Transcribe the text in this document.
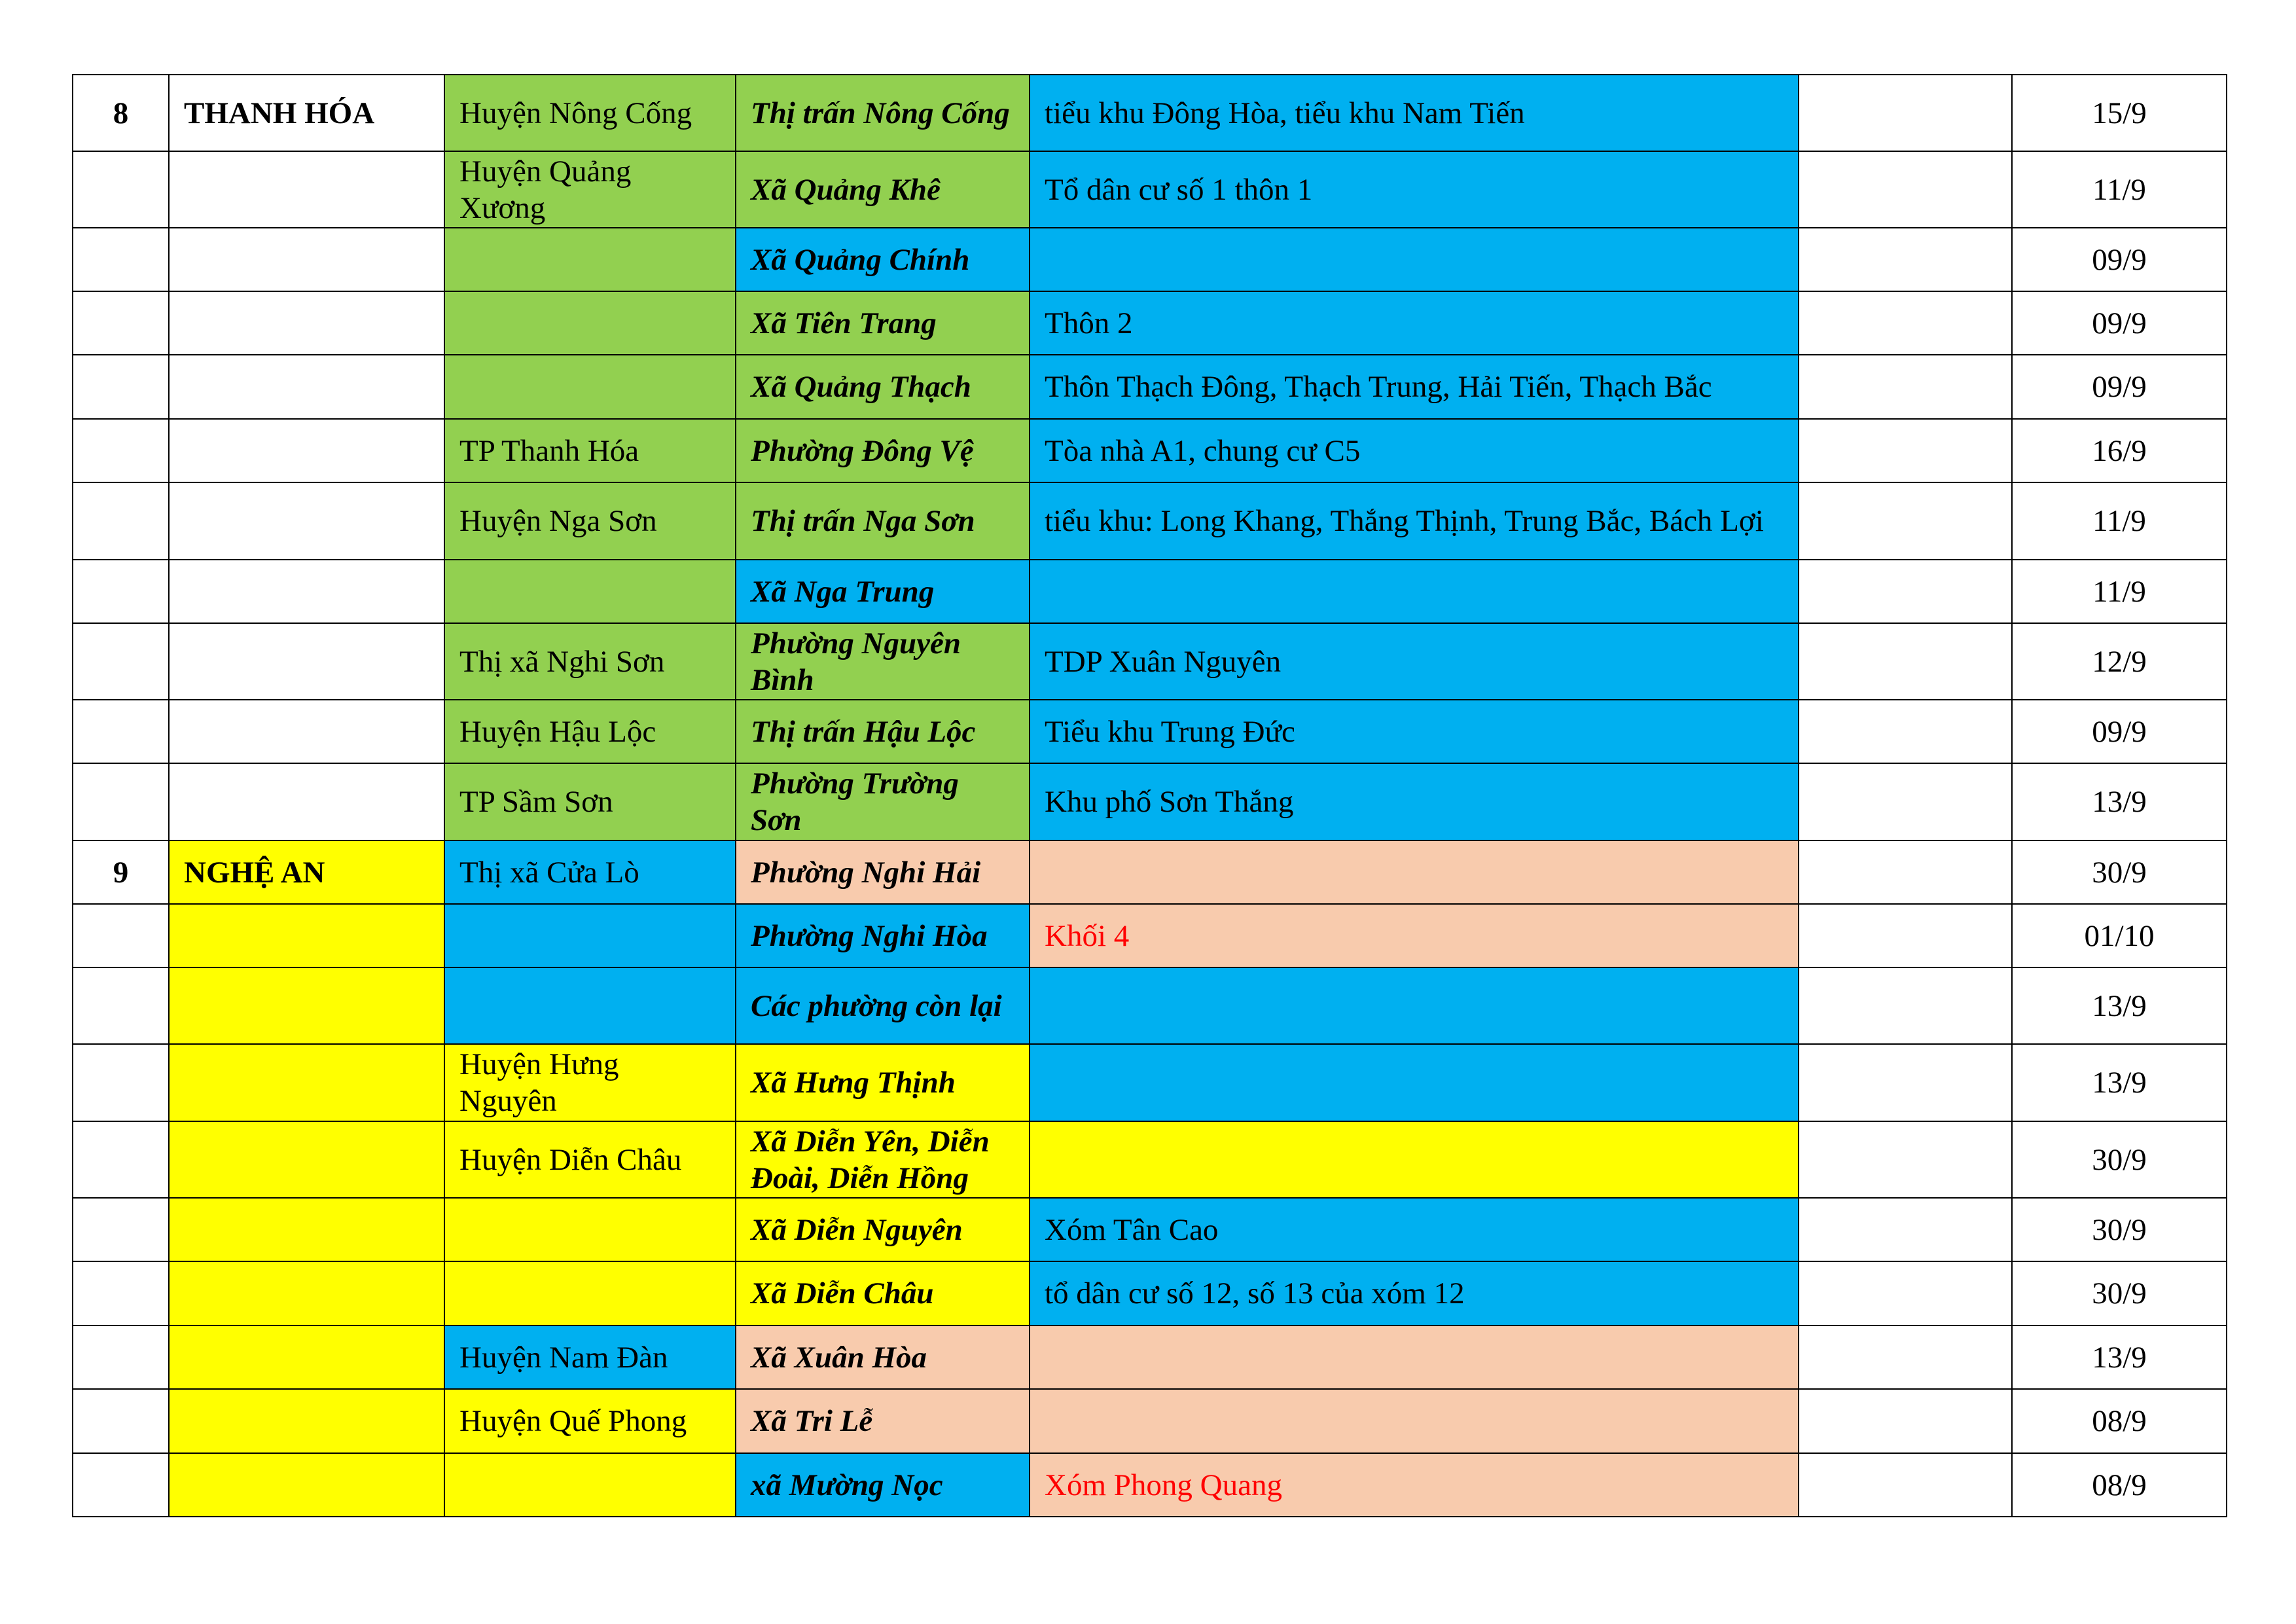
8	THANH HÓA	Huyện Nông Cống	Thị trấn Nông Cống	tiểu khu Đông Hòa, tiểu khu Nam Tiến		15/9
		Huyện Quảng Xương	Xã Quảng Khê	Tổ dân cư số 1 thôn 1		11/9
			Xã Quảng Chính			09/9
			Xã Tiên Trang	Thôn 2		09/9
			Xã Quảng Thạch	Thôn Thạch Đông, Thạch Trung, Hải Tiến, Thạch Bắc		09/9
		TP Thanh Hóa	Phường Đông Vệ	Tòa nhà A1, chung cư C5		16/9
		Huyện Nga Sơn	Thị trấn Nga Sơn	tiểu khu: Long Khang, Thắng Thịnh, Trung Bắc, Bách Lợi		11/9
			Xã Nga Trung			11/9
		Thị xã Nghi Sơn	Phường Nguyên Bình	TDP Xuân Nguyên		12/9
		Huyện Hậu Lộc	Thị trấn Hậu Lộc	Tiểu khu Trung Đức		09/9
		TP Sầm Sơn	Phường Trường Sơn	Khu phố Sơn Thắng		13/9
9	NGHỆ AN	Thị xã Cửa Lò	Phường Nghi Hải			30/9
			Phường Nghi Hòa	Khối 4		01/10
			Các phường còn lại			13/9
		Huyện Hưng Nguyên	Xã Hưng Thịnh			13/9
		Huyện Diễn Châu	Xã Diễn Yên, Diễn Đoài, Diễn Hồng			30/9
			Xã Diễn Nguyên	Xóm Tân Cao		30/9
			Xã Diễn Châu	tổ dân cư số 12, số 13 của xóm 12		30/9
		Huyện Nam Đàn	Xã Xuân Hòa			13/9
		Huyện Quế Phong	Xã Tri Lễ			08/9
			xã Mường Nọc	Xóm Phong Quang		08/9
